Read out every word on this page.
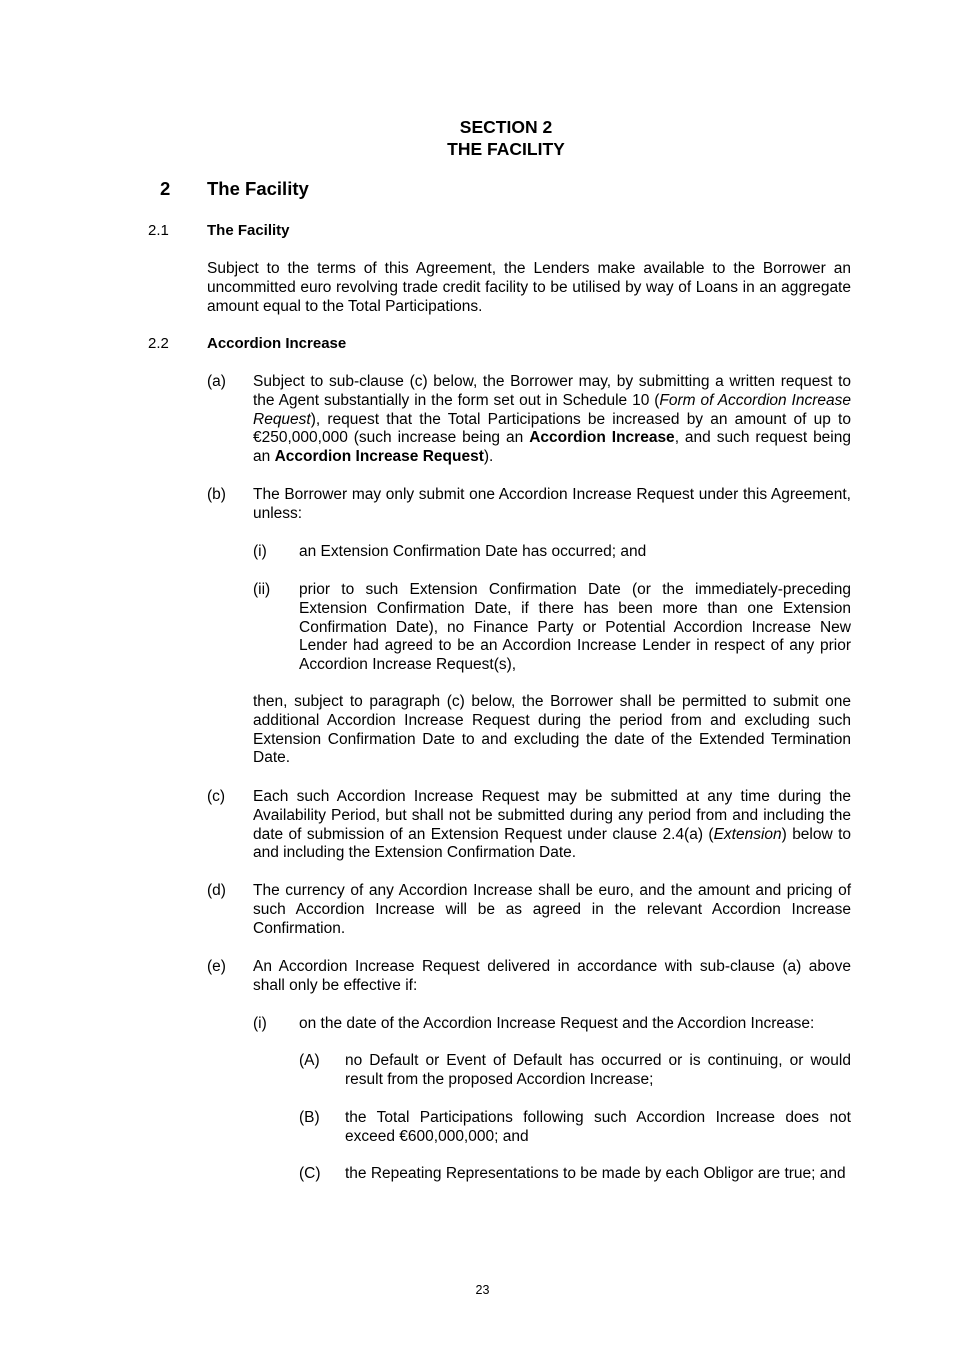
SECTION 2
THE FACILITY
2 The Facility
2.1	The Facility
Subject to the terms of this Agreement, the Lenders make available to the Borrower an uncommitted euro revolving trade credit facility to be utilised by way of Loans in an aggregate amount equal to the Total Participations.
2.2	Accordion Increase
(a) Subject to sub-clause (c) below, the Borrower may, by submitting a written request to the Agent substantially in the form set out in Schedule 10 (Form of Accordion Increase Request), request that the Total Participations be increased by an amount of up to €250,000,000 (such increase being an Accordion Increase, and such request being an Accordion Increase Request).
(b) The Borrower may only submit one Accordion Increase Request under this Agreement, unless:
(i) an Extension Confirmation Date has occurred; and
(ii) prior to such Extension Confirmation Date (or the immediately-preceding Extension Confirmation Date, if there has been more than one Extension Confirmation Date), no Finance Party or Potential Accordion Increase New Lender had agreed to be an Accordion Increase Lender in respect of any prior Accordion Increase Request(s),
then, subject to paragraph (c) below, the Borrower shall be permitted to submit one additional Accordion Increase Request during the period from and excluding such Extension Confirmation Date to and excluding the date of the Extended Termination Date.
(c) Each such Accordion Increase Request may be submitted at any time during the Availability Period, but shall not be submitted during any period from and including the date of submission of an Extension Request under clause 2.4(a) (Extension) below to and including the Extension Confirmation Date.
(d) The currency of any Accordion Increase shall be euro, and the amount and pricing of such Accordion Increase will be as agreed in the relevant Accordion Increase Confirmation.
(e) An Accordion Increase Request delivered in accordance with sub-clause (a) above shall only be effective if:
(i) on the date of the Accordion Increase Request and the Accordion Increase:
(A) no Default or Event of Default has occurred or is continuing, or would result from the proposed Accordion Increase;
(B) the Total Participations following such Accordion Increase does not exceed €600,000,000; and
(C) the Repeating Representations to be made by each Obligor are true; and
23
